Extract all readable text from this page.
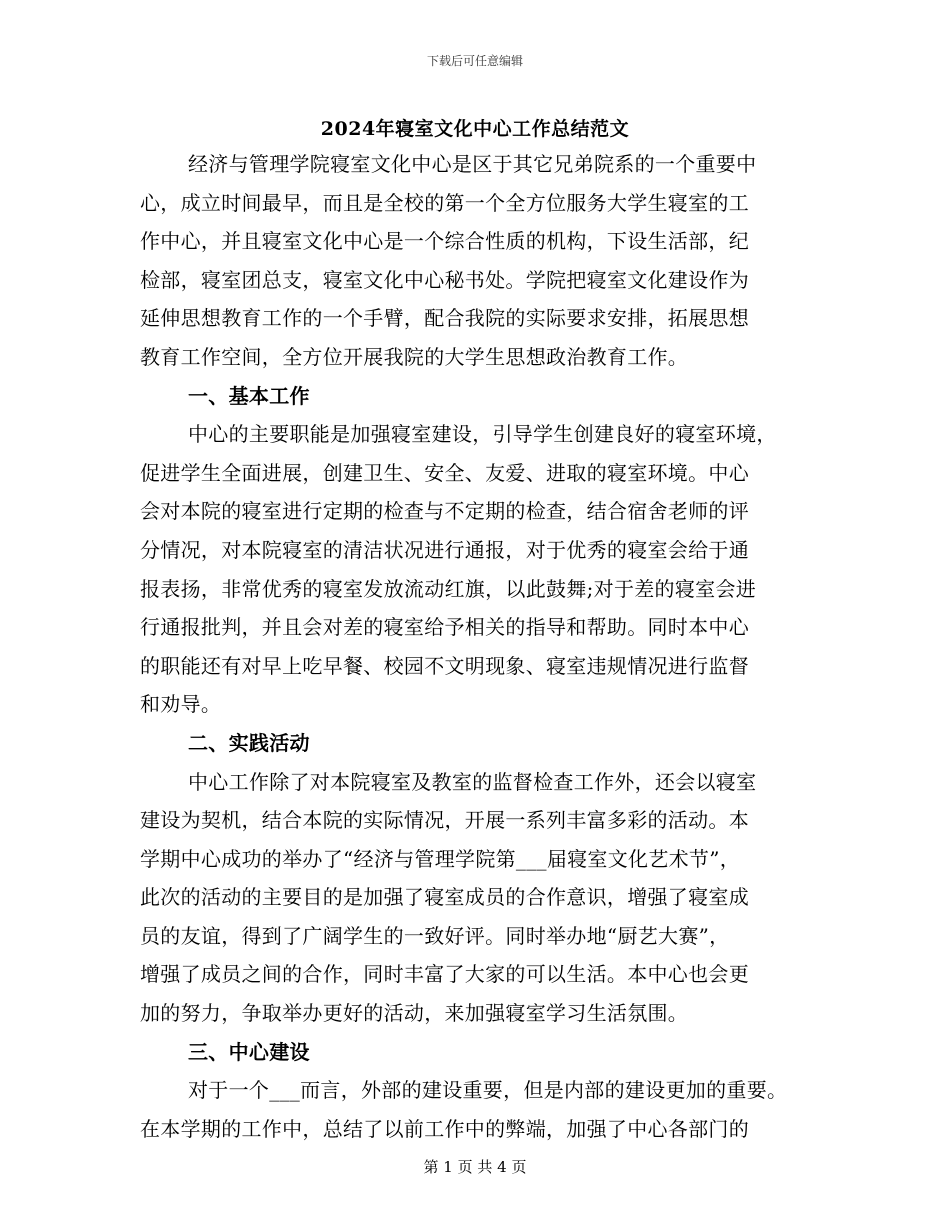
下载后可任意编辑
2024年寝室文化中心工作总结范文
经济与管理学院寝室文化中心是区于其它兄弟院系的一个重要中
心，成立时间最早，而且是全校的第一个全方位服务大学生寝室的工
作中心，并且寝室文化中心是一个综合性质的机构，下设生活部，纪
检部，寝室团总支，寝室文化中心秘书处。学院把寝室文化建设作为
延伸思想教育工作的一个手臂，配合我院的实际要求安排，拓展思想
教育工作空间，全方位开展我院的大学生思想政治教育工作。
一、基本工作
中心的主要职能是加强寝室建设，引导学生创建良好的寝室环境，
促进学生全面进展，创建卫生、安全、友爱、进取的寝室环境。中心
会对本院的寝室进行定期的检查与不定期的检查，结合宿舍老师的评
分情况，对本院寝室的清洁状况进行通报，对于优秀的寝室会给于通
报表扬，非常优秀的寝室发放流动红旗，以此鼓舞;对于差的寝室会进
行通报批判，并且会对差的寝室给予相关的指导和帮助。同时本中心
的职能还有对早上吃早餐、校园不文明现象、寝室违规情况进行监督
和劝导。
二、实践活动
中心工作除了对本院寝室及教室的监督检查工作外，还会以寝室
建设为契机，结合本院的实际情况，开展一系列丰富多彩的活动。本
学期中心成功的举办了“经济与管理学院第___届寝室文化艺术节”，
此次的活动的主要目的是加强了寝室成员的合作意识，增强了寝室成
员的友谊，得到了广阔学生的一致好评。同时举办地“厨艺大赛”，
增强了成员之间的合作，同时丰富了大家的可以生活。本中心也会更
加的努力，争取举办更好的活动，来加强寝室学习生活氛围。
三、中心建设
对于一个___而言，外部的建设重要，但是内部的建设更加的重要。
在本学期的工作中，总结了以前工作中的弊端，加强了中心各部门的
第 1 页 共 4 页
